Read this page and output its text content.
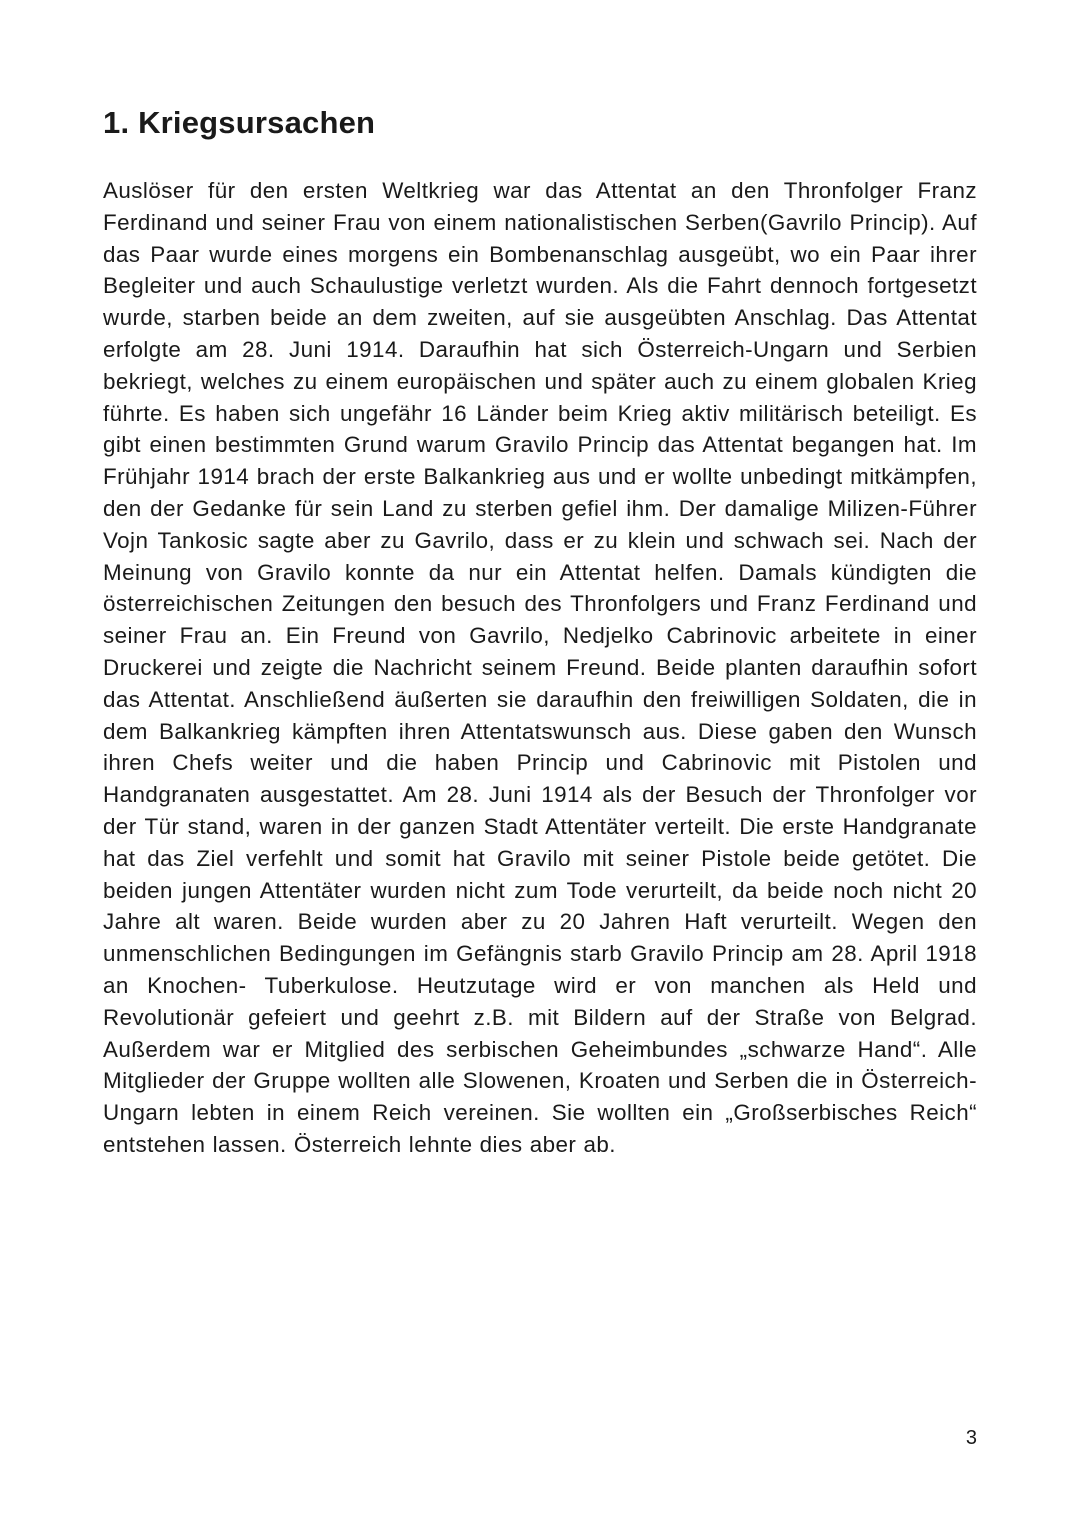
1. Kriegsursachen

Auslöser für den ersten Weltkrieg war das Attentat an den Thronfolger Franz Ferdinand und seiner Frau von einem nationalistischen Serben(Gavrilo Princip). Auf das Paar wurde eines morgens ein Bombenanschlag ausgeübt, wo ein Paar ihrer Begleiter und auch Schaulustige verletzt wurden. Als die Fahrt dennoch fortgesetzt wurde, starben beide an dem zweiten, auf sie ausgeübten Anschlag. Das Attentat erfolgte am 28. Juni 1914. Daraufhin hat sich Österreich-Ungarn und Serbien bekriegt, welches zu einem europäischen und später auch zu einem globalen Krieg führte. Es haben sich ungefähr 16 Länder beim Krieg aktiv militärisch beteiligt. Es gibt einen bestimmten Grund warum Gravilo Princip das Attentat begangen hat. Im Frühjahr 1914 brach der erste Balkankrieg aus und er wollte unbedingt mitkämpfen, den der Gedanke für sein Land zu sterben gefiel ihm. Der damalige Milizen-Führer Vojn Tankosic sagte aber zu Gavrilo, dass er zu klein und schwach sei. Nach der Meinung von Gravilo konnte da nur ein Attentat helfen. Damals kündigten die österreichischen Zeitungen den besuch des Thronfolgers und Franz Ferdinand und seiner Frau an. Ein Freund von Gavrilo, Nedjelko Cabrinovic arbeitete in einer Druckerei und zeigte die Nachricht seinem Freund. Beide planten daraufhin sofort das Attentat. Anschließend äußerten sie daraufhin den freiwilligen Soldaten, die in dem Balkankrieg kämpften ihren Attentatswunsch aus. Diese gaben den Wunsch ihren Chefs weiter und die haben Princip und Cabrinovic mit Pistolen und Handgranaten ausgestattet. Am 28. Juni 1914 als der Besuch der Thronfolger vor der Tür stand, waren in der ganzen Stadt Attentäter verteilt. Die erste Handgranate hat das Ziel verfehlt und somit hat Gravilo mit seiner Pistole beide getötet. Die beiden jungen Attentäter wurden nicht zum Tode verurteilt, da beide noch nicht 20 Jahre alt waren. Beide wurden aber zu 20 Jahren Haft verurteilt. Wegen den unmenschlichen Bedingungen im Gefängnis starb Gravilo Princip am 28. April 1918 an Knochen- Tuberkulose. Heutzutage wird er von manchen als Held und Revolutionär gefeiert und geehrt z.B. mit Bildern auf der Straße von Belgrad. Außerdem war er Mitglied des serbischen Geheimbundes „schwarze Hand“. Alle Mitglieder der Gruppe wollten alle Slowenen, Kroaten und Serben die in Österreich-Ungarn lebten in einem Reich vereinen. Sie wollten ein „Großserbisches Reich“ entstehen lassen. Österreich lehnte dies aber ab.

3
